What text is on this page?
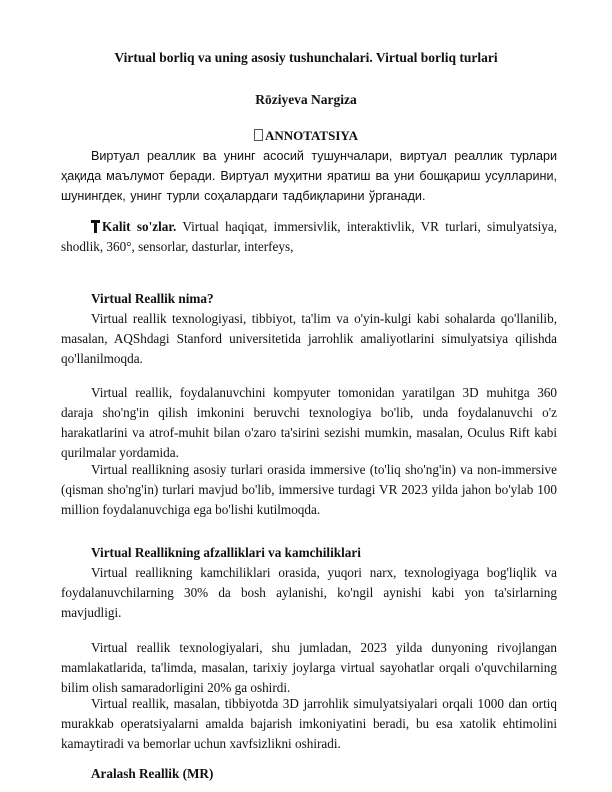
Virtual borliq va uning asosiy tushunchalari. Virtual borliq turlari
Rōziyeva Nargiza
ANNOTATSIYA

Виртуал реаллик ва унинг асосий тушунчалари, виртуал реаллик турлари ҳақида маълумот беради. Виртуал муҳитни яратиш ва уни бошқариш усулларини, шунингдек, унинг турли соҳалардаги тадбиқларини ўрганади.

Kalit so'zlar. Virtual haqiqat, immersivlik, interaktivlik, VR turlari, simulyatsiya, shodlik, 360°, sensorlar, dasturlar, interfeys,

Virtual Reallik nima?

Virtual reallik texnologiyasi, tibbiyot, ta'lim va o'yin-kulgi kabi sohalarda qo'llanilib, masalan, AQShdagi Stanford universitetida jarrohlik amaliyotlarini simulyatsiya qilishda qo'llanilmoqda.

Virtual reallik, foydalanuvchini kompyuter tomonidan yaratilgan 3D muhitga 360 daraja sho'ng'in qilish imkonini beruvchi texnologiya bo'lib, unda foydalanuvchi o'z harakatlarini va atrof-muhit bilan o'zaro ta'sirini sezishi mumkin, masalan, Oculus Rift kabi qurilmalar yordamida.

Virtual reallikning asosiy turlari orasida immersive (to'liq sho'ng'in) va non-immersive (qisman sho'ng'in) turlari mavjud bo'lib, immersive turdagi VR 2023 yilda jahon bo'ylab 100 million foydalanuvchiga ega bo'lishi kutilmoqda.

Virtual Reallikning afzalliklari va kamchiliklari

Virtual reallikning kamchiliklari orasida, yuqori narx, texnologiyaga bog'liqlik va foydalanuvchilarning 30% da bosh aylanishi, ko'ngil aynishi kabi yon ta'sirlarning mavjudligi.

Virtual reallik texnologiyalari, shu jumladan, 2023 yilda dunyoning rivojlangan mamlakatlarida, ta'limda, masalan, tarixiy joylarga virtual sayohatlar orqali o'quvchilarning bilim olish samaradorligini 20% ga oshirdi.

Virtual reallik, masalan, tibbiyotda 3D jarrohlik simulyatsiyalari orqali 1000 dan ortiq murakkab operatsiyalarni amalda bajarish imkoniyatini beradi, bu esa xatolik ehtimolini kamaytiradi va bemorlar uchun xavfsizlikni oshiradi.

Aralash Reallik (MR)
